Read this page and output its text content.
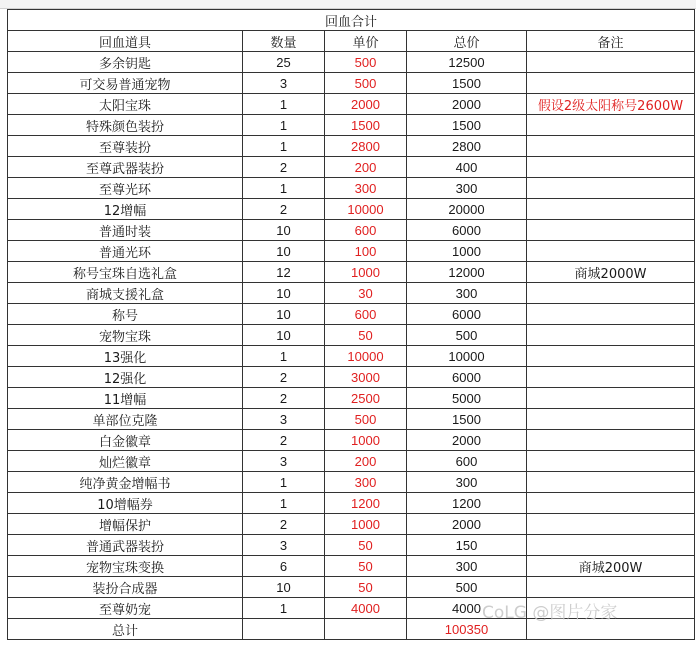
回血合计				
回血道具	数量	单价	总价	备注
多余钥匙	25	500	12500	
可交易普通宠物	3	500	1500	
太阳宝珠	1	2000	2000	假设2级太阳称号2600W
特殊颜色装扮	1	1500	1500	
至尊装扮	1	2800	2800	
至尊武器装扮	2	200	400	
至尊光环	1	300	300	
12增幅	2	10000	20000	
普通时装	10	600	6000	
普通光环	10	100	1000	
称号宝珠自选礼盒	12	1000	12000	商城2000W
商城支援礼盒	10	30	300	
称号	10	600	6000	
宠物宝珠	10	50	500	
13强化	1	10000	10000	
12强化	2	3000	6000	
11增幅	2	2500	5000	
单部位克隆	3	500	1500	
白金徽章	2	1000	2000	
灿烂徽章	3	200	600	
纯净黄金增幅书	1	300	300	
10增幅券	1	1200	1200	
增幅保护	2	1000	2000	
普通武器装扮	3	50	150	
宠物宝珠变换	6	50	300	商城200W
装扮合成器	10	50	500	
至尊奶宠	1	4000	4000	
总计			100350	
CoLG @图片分家
